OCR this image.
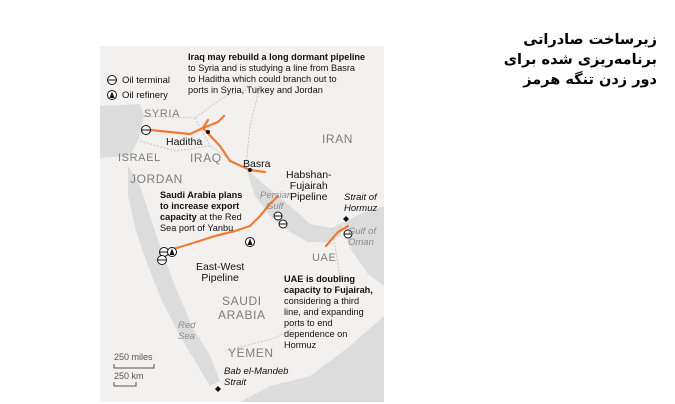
زیرساخت صادراتی برنامه‌ریزی شده برای دور زدن تنگه هرمز
Oil terminal
Oil refinery
SYRIA
IRAQ
IRAN
ISRAEL
JORDAN
SAUDI
ARABIA
YEMEN
UAE
Persian
Gulf
Gulf of
Oman
Red
Sea
Haditha
Basra
Strait of
Hormuz
Bab el-Mandeb
Strait
East-West
Pipeline
Habshan-
Fujairah
Pipeline
Iraq may rebuild a long dormant pipeline
to Syria and is studying a line from Basra
to Haditha which could branch out to
ports in Syria, Turkey and Jordan
Saudi Arabia plans
to increase export
capacity at the Red
Sea port of Yanbu
UAE is doubling
capacity to Fujairah,
considering a third
line, and expanding
ports to end
dependence on
Hormuz
250 miles
250 km
